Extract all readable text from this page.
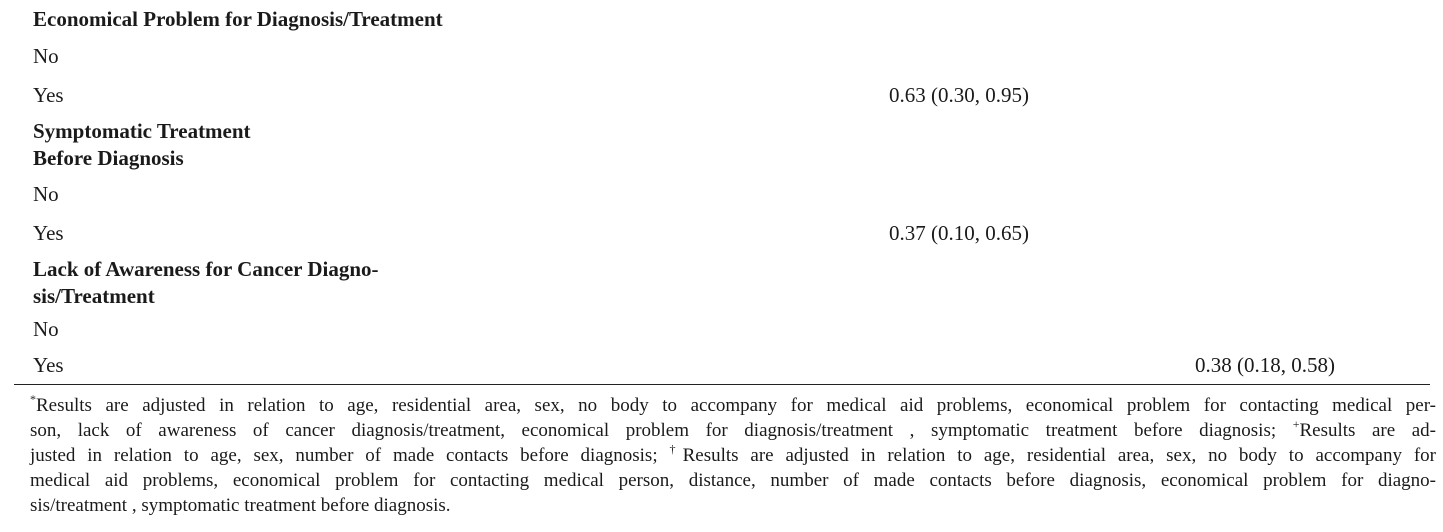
Economical Problem for Diagnosis/Treatment
No
Yes	0.63 (0.30, 0.95)
Symptomatic Treatment
Before Diagnosis
No
Yes	0.37 (0.10, 0.65)
Lack of Awareness for Cancer Diagno-
sis/Treatment
No
Yes	0.38 (0.18, 0.58)
*Results are adjusted in relation to age, residential area, sex, no body to accompany for medical aid problems, economical problem for contacting medical per-
son, lack of awareness of cancer diagnosis/treatment, economical problem for diagnosis/treatment , symptomatic treatment before diagnosis; +Results are ad-
justed in relation to age, sex, number of made contacts before diagnosis; †Results are adjusted in relation to age, residential area, sex, no body to accompany for
medical aid problems, economical problem for contacting medical person, distance, number of made contacts before diagnosis, economical problem for diagno-
sis/treatment , symptomatic treatment before diagnosis.
